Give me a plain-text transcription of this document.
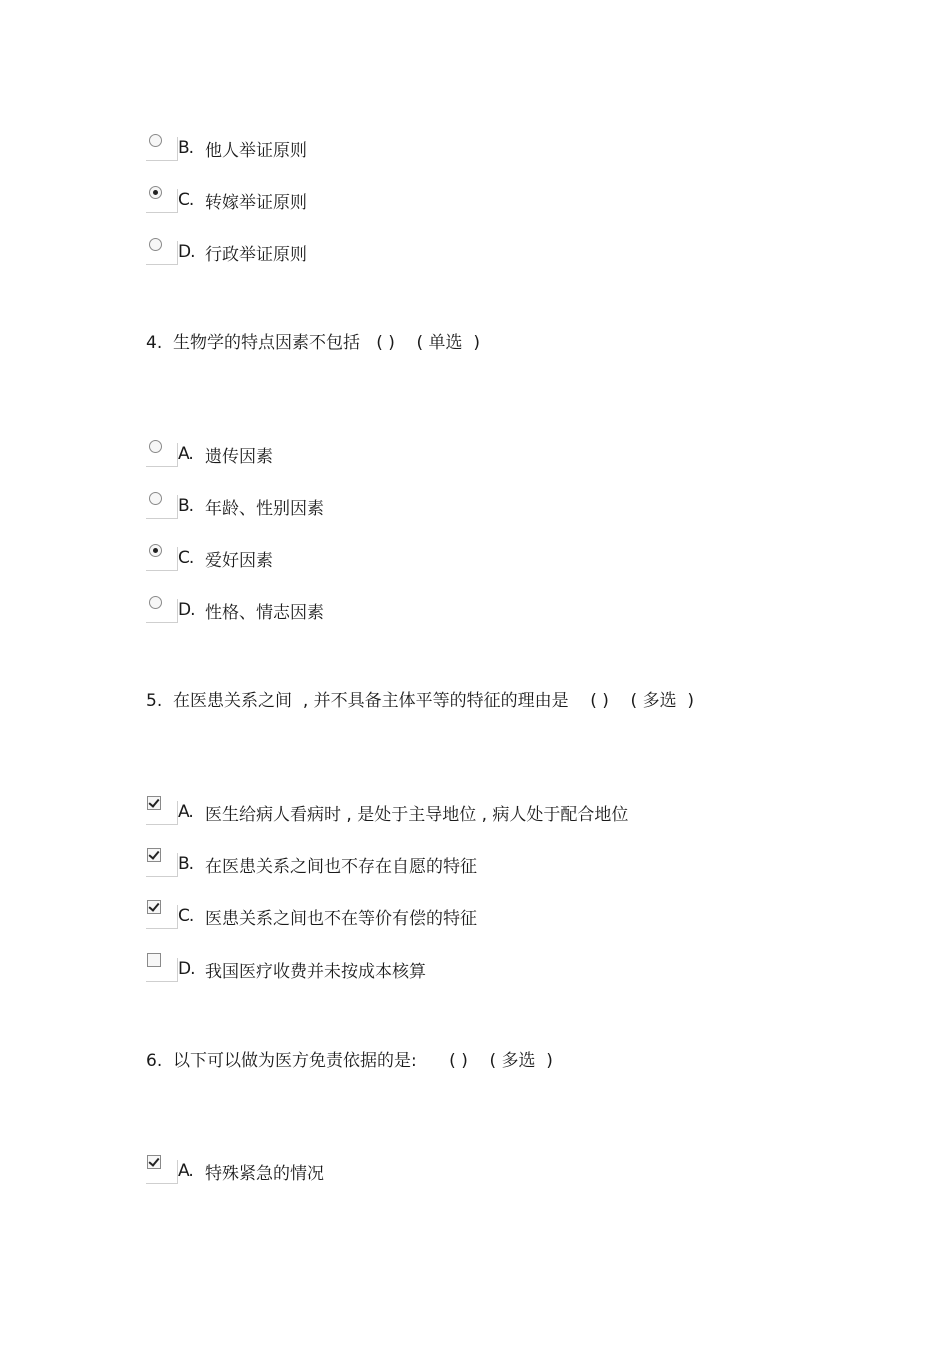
B. 他人举证原则
C. 转嫁举证原则
D. 行政举证原则
4.  生物学的特点因素不包括   ( )    ( 单选  )
A. 遗传因素
B. 年龄、性别因素
C. 爱好因素
D. 性格、情志因素
5.  在医患关系之间  , 并不具备主体平等的特征的理由是    ( )    ( 多选  )
A. 医生给病人看病时 , 是处于主导地位 , 病人处于配合地位
B. 在医患关系之间也不存在自愿的特征
C. 医患关系之间也不在等价有偿的特征
D. 我国医疗收费并未按成本核算
6.  以下可以做为医方免责依据的是:      ( )    ( 多选  )
A. 特殊紧急的情况
